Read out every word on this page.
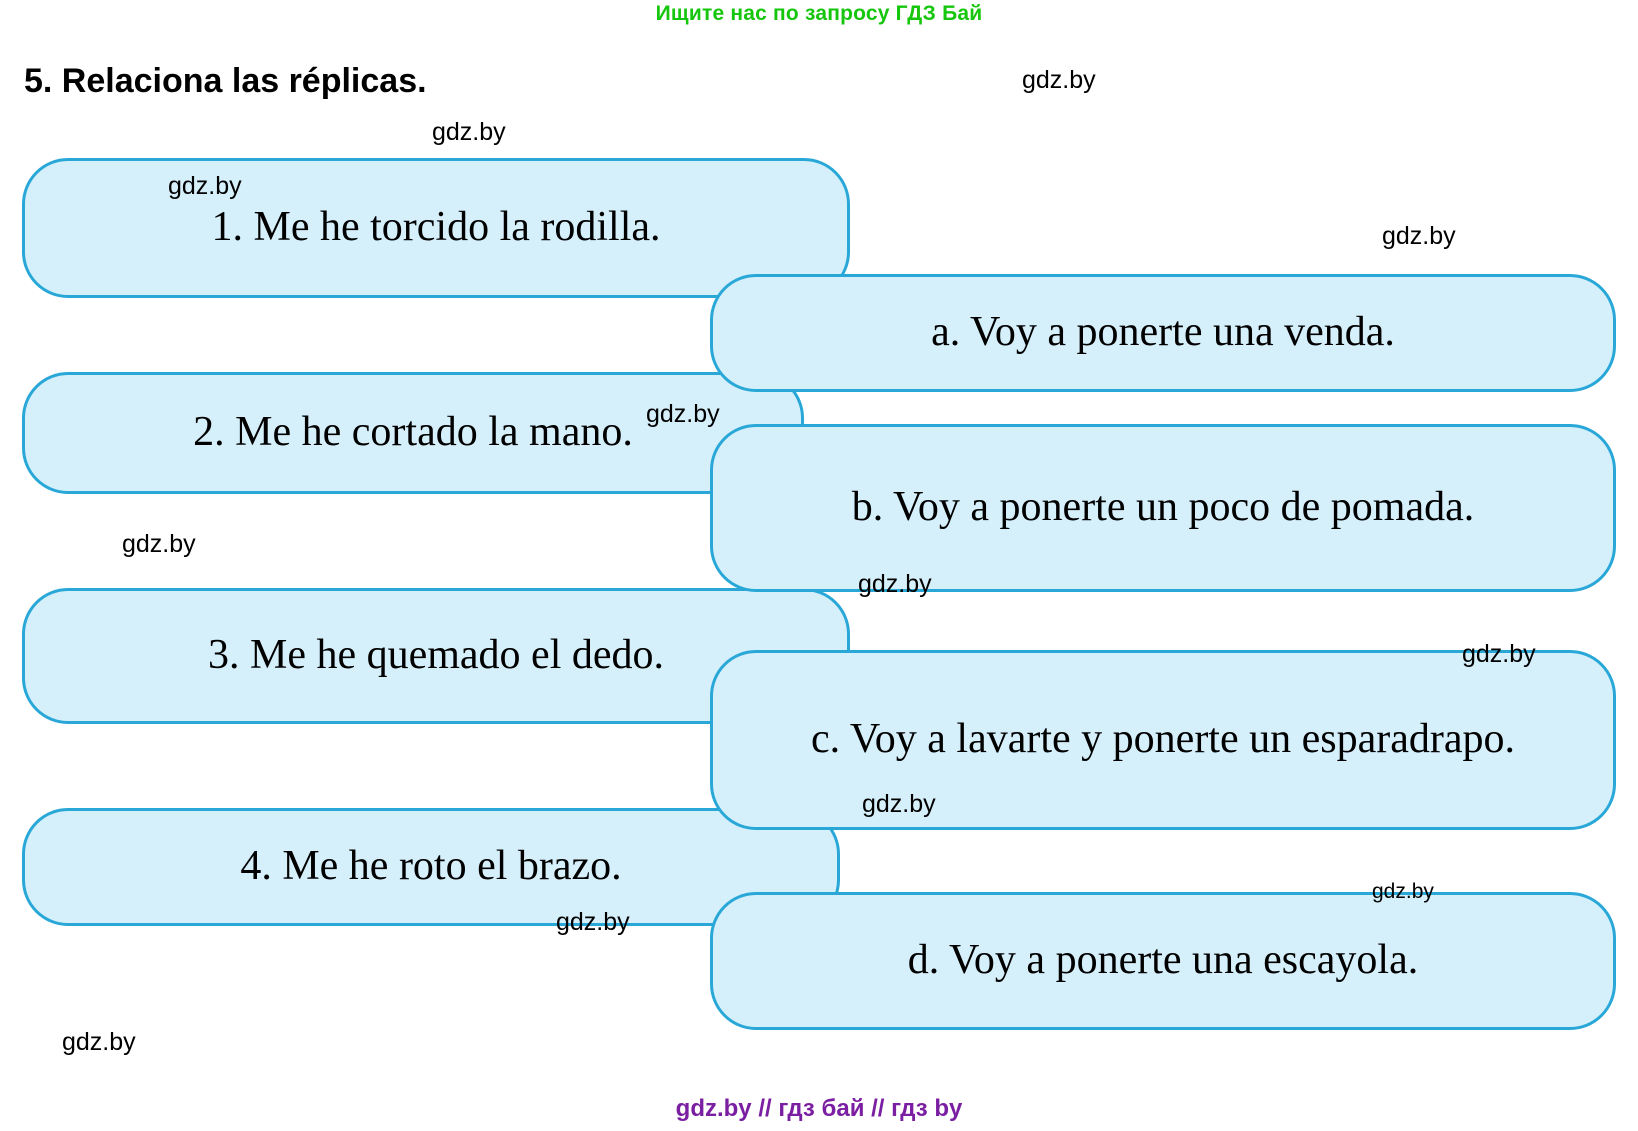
Ищите нас по запросу ГДЗ Бай
5. Relaciona las réplicas.
1. Me he torcido la rodilla.
2. Me he cortado la mano.
3. Me he quemado el dedo.
4. Me he roto el brazo.
a. Voy a ponerte una venda.
b. Voy a ponerte un poco de pomada.
c. Voy a lavarte y ponerte un esparadrapo.
d. Voy a ponerte una escayola.
gdz.by
gdz.by
gdz.by
gdz.by
gdz.by
gdz.by
gdz.by
gdz.by
gdz.by
gdz.by
gdz.by
gdz.by
gdz.by // гдз бай // гдз by
